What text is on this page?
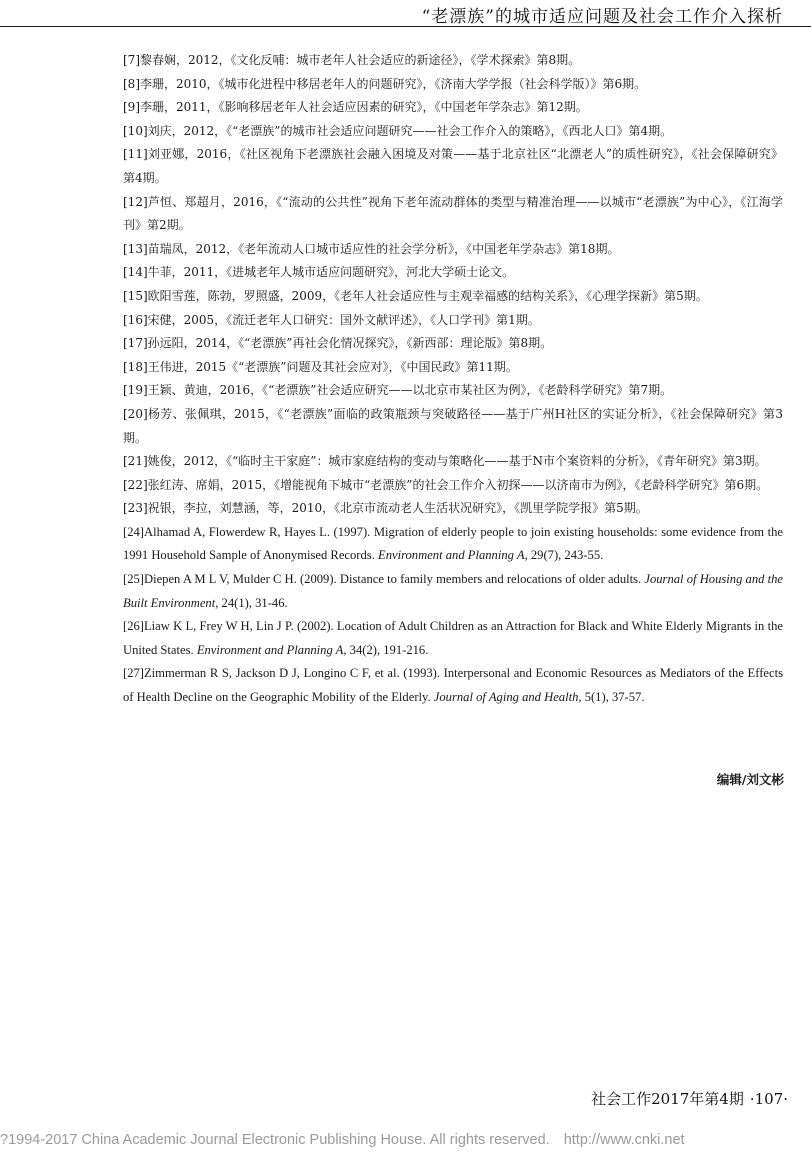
“老漂族”的城市适应问题及社会工作介入探析

[7]黎春娴，2012，《文化反哺：城市老年人社会适应的新途径》，《学术探索》第8期。

[8]李珊，2010，《城市化进程中移居老年人的问题研究》，《济南大学学报（社会科学版）》第6期。

[9]李珊，2011，《影响移居老年人社会适应因素的研究》，《中国老年学杂志》第12期。

[10]刘庆，2012，《“老漂族”的城市社会适应问题研究——社会工作介入的策略》，《西北人口》第4期。

[11]刘亚娜，2016，《社区视角下老漂族社会融入困境及对策——基于北京社区“北漂老人”的质性研究》，《社会保障研究》第4期。

[12]芦恒、郑超月，2016，《“流动的公共性”视角下老年流动群体的类型与精准治理——以城市“老漂族”为中心》，《江海学刊》第2期。

[13]苗瑞凤，2012，《老年流动人口城市适应性的社会学分析》，《中国老年学杂志》第18期。

[14]牛菲，2011，《进城老年人城市适应问题研究》，河北大学硕士论文。

[15]欧阳雪莲，陈勃，罗照盛，2009，《老年人社会适应性与主观幸福感的结构关系》，《心理学探新》第5期。

[16]宋健，2005，《流迁老年人口研究：国外文献评述》，《人口学刊》第1期。

[17]孙远阳，2014，《“老漂族”再社会化情况探究》，《新西部：理论版》第8期。

[18]王伟进，2015《“老漂族”问题及其社会应对》，《中国民政》第11期。

[19]王颖、黄迪，2016，《“老漂族”社会适应研究——以北京市某社区为例》，《老龄科学研究》第7期。

[20]杨芳、张佩琪，2015，《“老漂族”面临的政策瓶颈与突破路径——基于广州H社区的实证分析》，《社会保障研究》第3期。

[21]姚俊，2012，《“临时主干家庭”：城市家庭结构的变动与策略化——基于N市个案资料的分析》，《青年研究》第3期。

[22]张红涛、席娟，2015，《增能视角下城市“老漂族”的社会工作介入初探——以济南市为例》，《老龄科学研究》第6期。

[23]祝银，李拉，刘慧涵，等，2010，《北京市流动老人生活状况研究》，《凯里学院学报》第5期。

[24]Alhamad A, Flowerdew R, Hayes L. (1997). Migration of elderly people to join existing households: some evidence from the 1991 Household Sample of Anonymised Records. Environment and Planning A, 29(7), 243-55.

[25]Diepen A M L V, Mulder C H. (2009). Distance to family members and relocations of older adults. Journal of Housing and the Built Environment, 24(1), 31-46.

[26]Liaw K L, Frey W H, Lin J P. (2002). Location of Adult Children as an Attraction for Black and White Elderly Migrants in the United States. Environment and Planning A, 34(2), 191-216.

[27]Zimmerman R S, Jackson D J, Longino C F, et al. (1993). Interpersonal and Economic Resources as Mediators of the Effects of Health Decline on the Geographic Mobility of the Elderly. Journal of Aging and Health, 5(1), 37-57.

编辑/刘文彬
社会工作2017年第4期 ·107·
?1994-2017 China Academic Journal Electronic Publishing House. All rights reserved. http://www.cnki.net
